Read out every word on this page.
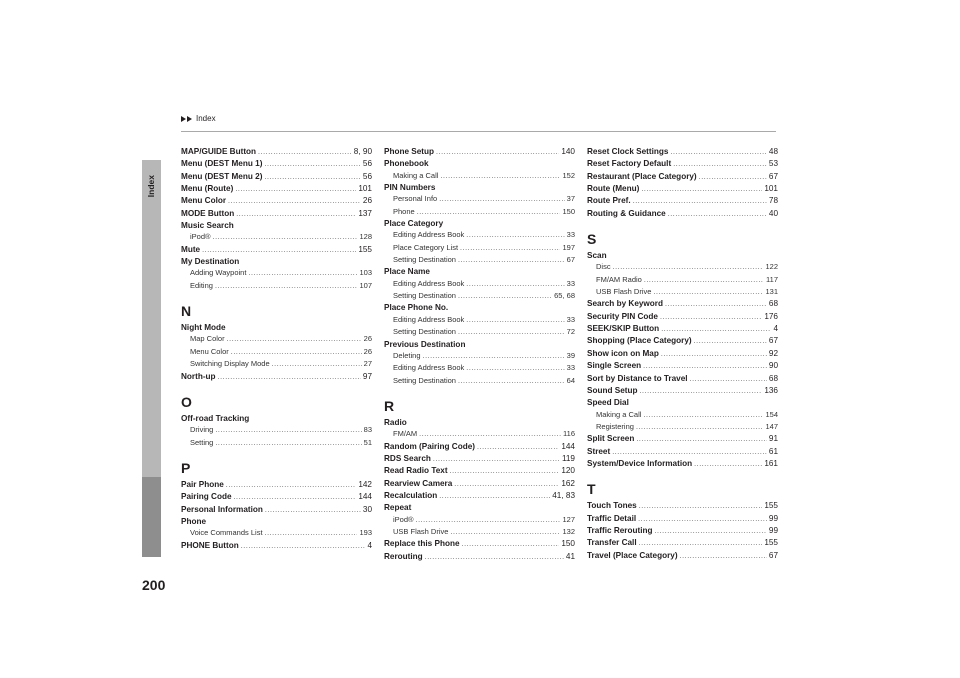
Index
Index
200
MAP/GUIDE Button .....	8, 90
Menu (DEST Menu 1) .....	56
Menu (DEST Menu 2) .....	56
Menu (Route) .....	101
Menu Color .....	26
MODE Button .....	137
Music Search
iPod® .....	128
Mute .....	155
My Destination
Adding Waypoint .....	103
Editing .....	107
N
Night Mode
Map Color .....	26
Menu Color .....	26
Switching Display Mode .....	27
North-up .....	97
O
Off-road Tracking
Driving .....	83
Setting .....	51
P
Pair Phone .....	142
Pairing Code .....	144
Personal Information .....	30
Phone
Voice Commands List .....	193
PHONE Button .....	4
Phone Setup .....	140
Phonebook
Making a Call .....	152
PIN Numbers
Personal Info .....	37
Phone .....	150
Place Category
Editing Address Book .....	33
Place Category List .....	197
Setting Destination .....	67
Place Name
Editing Address Book .....	33
Setting Destination .....	65, 68
Place Phone No.
Editing Address Book .....	33
Setting Destination .....	72
Previous Destination
Deleting .....	39
Editing Address Book .....	33
Setting Destination .....	64
R
Radio
FM/AM .....	116
Random (Pairing Code) .....	144
RDS Search .....	119
Read Radio Text .....	120
Rearview Camera .....	162
Recalculation .....	41, 83
Repeat
iPod® .....	127
USB Flash Drive .....	132
Replace this Phone .....	150
Rerouting .....	41
Reset Clock Settings .....	48
Reset Factory Default .....	53
Restaurant (Place Category) .....	67
Route (Menu) .....	101
Route Pref. .....	78
Routing & Guidance .....	40
S
Scan
Disc .....	122
FM/AM Radio .....	117
USB Flash Drive .....	131
Search by Keyword .....	68
Security PIN Code .....	176
SEEK/SKIP Button .....	4
Shopping (Place Category) .....	67
Show icon on Map .....	92
Single Screen .....	90
Sort by Distance to Travel .....	68
Sound Setup .....	136
Speed Dial
Making a Call .....	154
Registering .....	147
Split Screen .....	91
Street .....	61
System/Device Information .....	161
T
Touch Tones .....	155
Traffic Detail .....	99
Traffic Rerouting .....	99
Transfer Call .....	155
Travel (Place Category) .....	67
